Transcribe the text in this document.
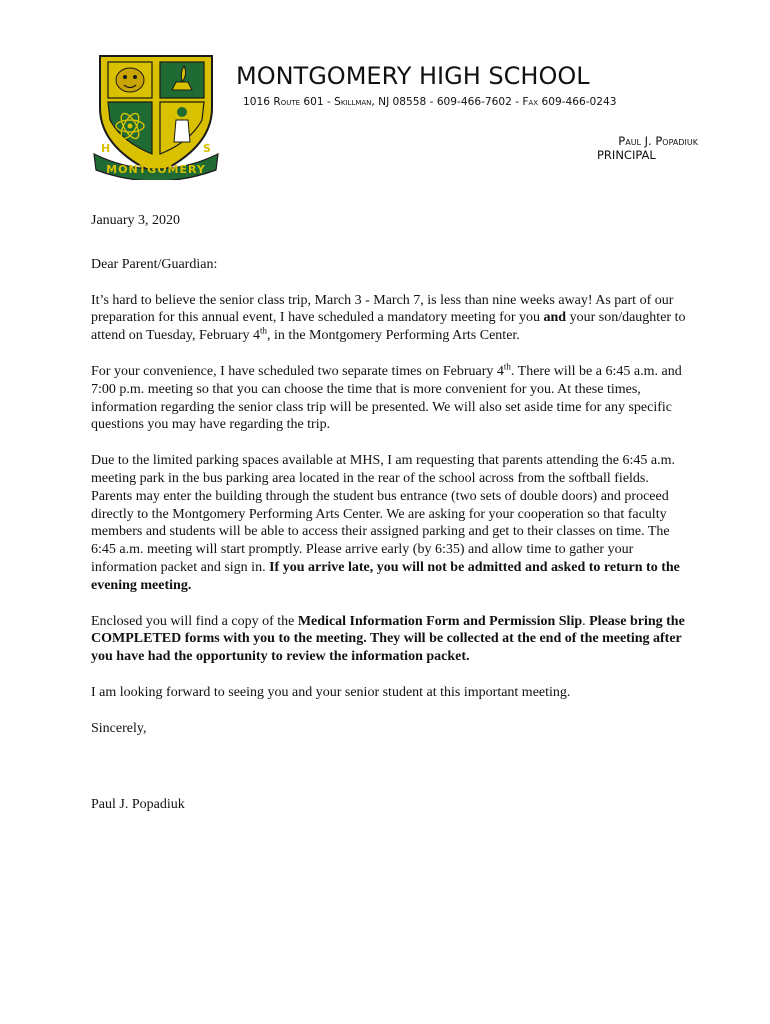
MONTGOMERY
H	S
MONTGOMERY HIGH SCHOOL
1016 Route 601 - Skillman, NJ 08558 - 609-466-7602 - Fax 609-466-0243
Paul J. Popadiuk
PRINCIPAL

January 3, 2020

Dear Parent/Guardian:

It’s hard to believe the senior class trip, March 3 - March 7, is less than nine weeks away! As part of our preparation for this annual event, I have scheduled a mandatory meeting for you and your son/daughter to attend on Tuesday, February 4th, in the Montgomery Performing Arts Center.

For your convenience, I have scheduled two separate times on February 4th. There will be a 6:45 a.m. and 7:00 p.m. meeting so that you can choose the time that is more convenient for you. At these times, information regarding the senior class trip will be presented. We will also set aside time for any specific questions you may have regarding the trip.

Due to the limited parking spaces available at MHS, I am requesting that parents attending the 6:45 a.m. meeting park in the bus parking area located in the rear of the school across from the softball fields. Parents may enter the building through the student bus entrance (two sets of double doors) and proceed directly to the Montgomery Performing Arts Center. We are asking for your cooperation so that faculty members and students will be able to access their assigned parking and get to their classes on time. The 6:45 a.m. meeting will start promptly. Please arrive early (by 6:35) and allow time to gather your information packet and sign in. If you arrive late, you will not be admitted and asked to return to the evening meeting.

Enclosed you will find a copy of the Medical Information Form and Permission Slip. Please bring the COMPLETED forms with you to the meeting. They will be collected at the end of the meeting after you have had the opportunity to review the information packet.

I am looking forward to seeing you and your senior student at this important meeting.

Sincerely,

Paul J. Popadiuk
